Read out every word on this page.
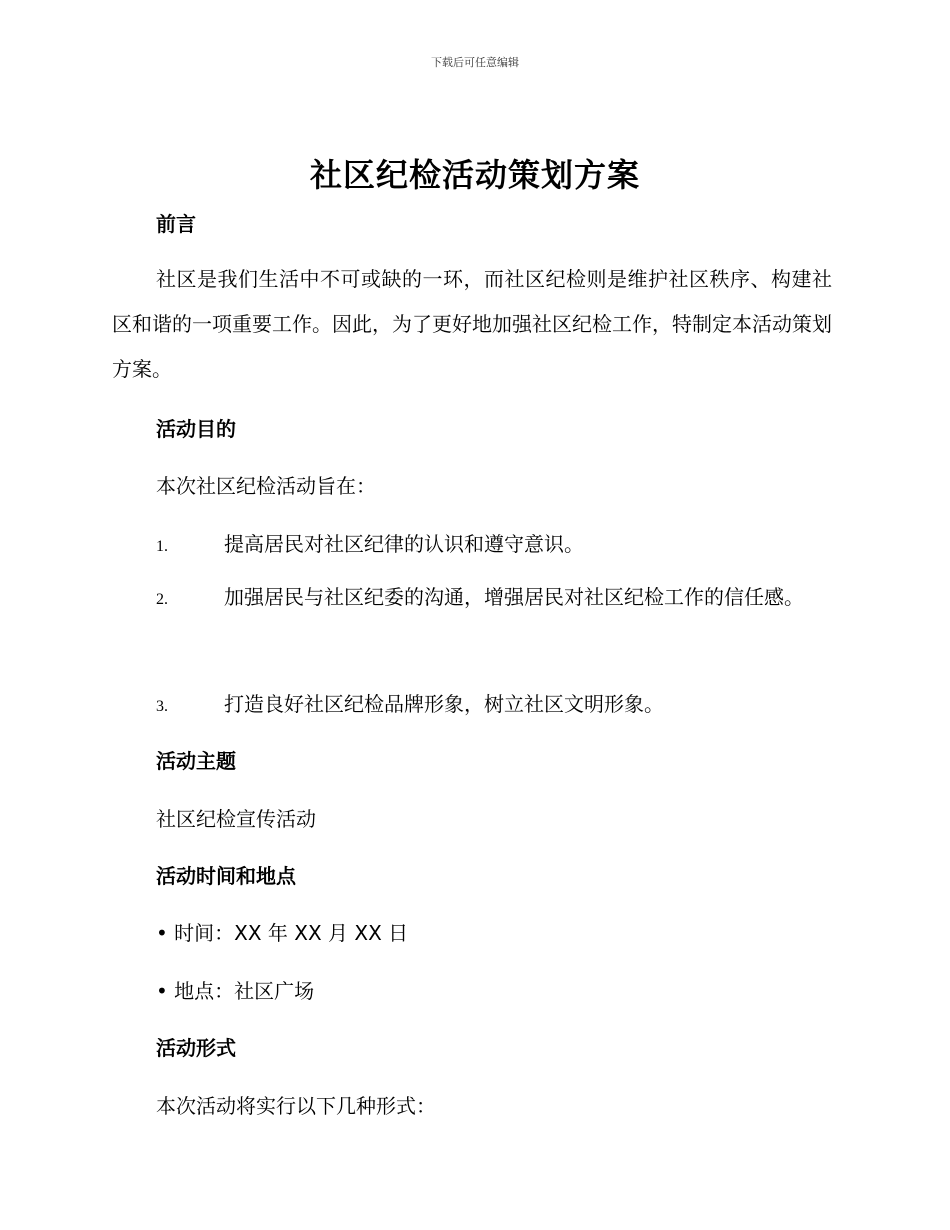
下载后可任意编辑
社区纪检活动策划方案
前言
社区是我们生活中不可或缺的一环，而社区纪检则是维护社区秩序、构建社区和谐的一项重要工作。因此，为了更好地加强社区纪检工作，特制定本活动策划方案。
活动目的
本次社区纪检活动旨在：
1.	提高居民对社区纪律的认识和遵守意识。
2.	加强居民与社区纪委的沟通，增强居民对社区纪检工作的信任感。
3.	打造良好社区纪检品牌形象，树立社区文明形象。
活动主题
社区纪检宣传活动
活动时间和地点
• 时间：XX 年 XX 月 XX 日
• 地点：社区广场
活动形式
本次活动将实行以下几种形式：
